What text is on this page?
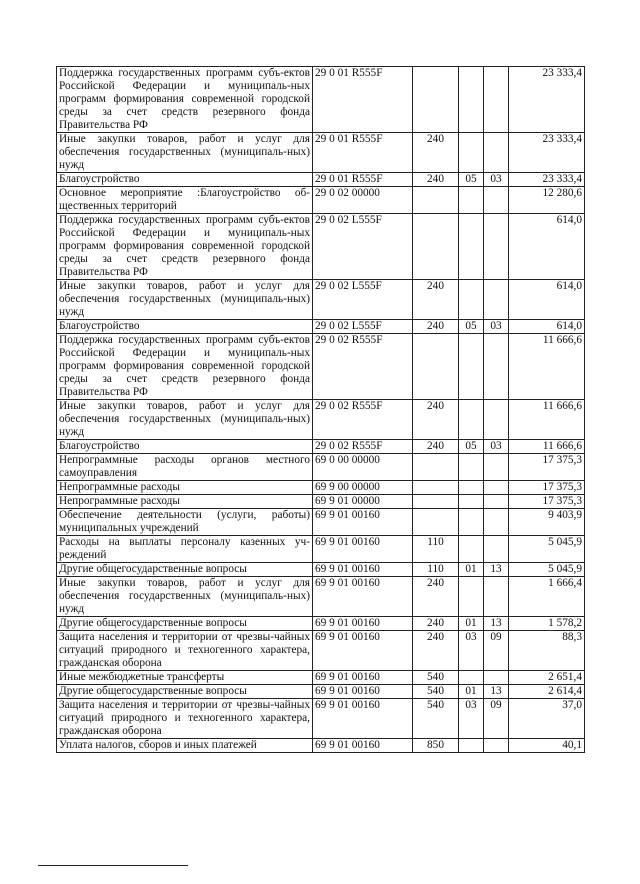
Поддержка государственных программ субъ-ектов Российской Федерации и муниципаль-ных программ формирования современной городской среды за счет средств резервного фонда Правительства РФ	29 0 01 R555F				23 333,4
Иные закупки товаров, работ и услуг для обеспечения государственных (муниципаль-ных) нужд	29 0 01 R555F	240			23 333,4
Благоустройство	29 0 01 R555F	240	05	03	23 333,4
Основное мероприятие :Благоустройство об-щественных территорий	29 0 02 00000				12 280,6
Поддержка государственных программ субъ-ектов Российской Федерации и муниципаль-ных программ формирования современной городской среды за счет средств резервного фонда Правительства РФ	29 0 02 L555F				614,0
Иные закупки товаров, работ и услуг для обеспечения государственных (муниципаль-ных) нужд	29 0 02 L555F	240			614,0
Благоустройство	29 0 02 L555F	240	05	03	614,0
Поддержка государственных программ субъ-ектов Российской Федерации и муниципаль-ных программ формирования современной городской среды за счет средств резервного фонда Правительства РФ	29 0 02 R555F				11 666,6
Иные закупки товаров, работ и услуг для обеспечения государственных (муниципаль-ных) нужд	29 0 02 R555F	240			11 666,6
Благоустройство	29 0 02 R555F	240	05	03	11 666,6
Непрограммные расходы органов местного самоуправления	69 0 00 00000				17 375,3
Непрограммные расходы	69 9 00 00000				17 375,3
Непрограммные расходы	69 9 01 00000				17 375,3
Обеспечение деятельности (услуги, работы) муниципальных учреждений	69 9 01 00160				9 403,9
Расходы на выплаты персоналу казенных уч-реждений	69 9 01 00160	110			5 045,9
Другие общегосударственные вопросы	69 9 01 00160	110	01	13	5 045,9
Иные закупки товаров, работ и услуг для обеспечения государственных (муниципаль-ных) нужд	69 9 01 00160	240			1 666,4
Другие общегосударственные вопросы	69 9 01 00160	240	01	13	1 578,2
Защита населения и территории от чрезвы-чайных ситуаций природного и техногенного характера, гражданская оборона	69 9 01 00160	240	03	09	88,3
Иные межбюджетные трансферты	69 9 01 00160	540			2 651,4
Другие общегосударственные вопросы	69 9 01 00160	540	01	13	2 614,4
Защита населения и территории от чрезвы-чайных ситуаций природного и техногенного характера, гражданская оборона	69 9 01 00160	540	03	09	37,0
Уплата налогов, сборов и иных платежей	69 9 01 00160	850			40,1
